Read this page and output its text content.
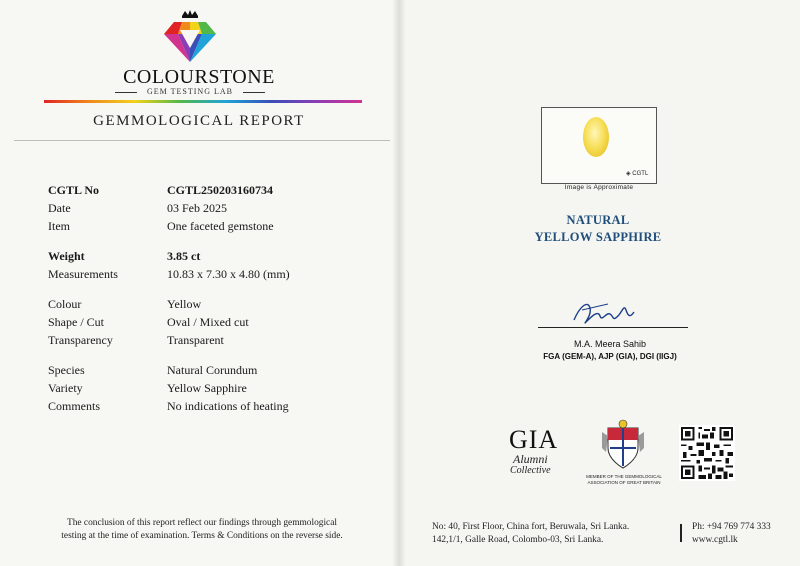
COLOURSTONE
GEM TESTING LAB
GEMMOLOGICAL REPORT
CGTL No	CGTL250203160734
Date	03 Feb 2025
Item	One faceted gemstone
Weight	3.85 ct
Measurements	10.83 x 7.30 x 4.80 (mm)
Colour	Yellow
Shape / Cut	Oval / Mixed cut
Transparency	Transparent
Species	Natural Corundum
Variety	Yellow Sapphire
Comments	No indications of heating
The conclusion of this report reflect our findings through gemmological
testing at the time of examination. Terms & Conditions on the reverse side.
◈ CGTL
Image is Approximate
NATURAL
YELLOW SAPPHIRE
M.A. Meera Sahib
FGA (GEM-A), AJP (GIA), DGI (IIGJ)
GIA
Alumni
Collective
MEMBER OF THE GEMMOLOGICAL
ASSOCIATION OF GREAT BRITAIN
No: 40, First Floor, China fort, Beruwala, Sri Lanka.
142,1/1, Galle Road, Colombo-03, Sri Lanka.
Ph: +94 769 774 333
www.cgtl.lk
